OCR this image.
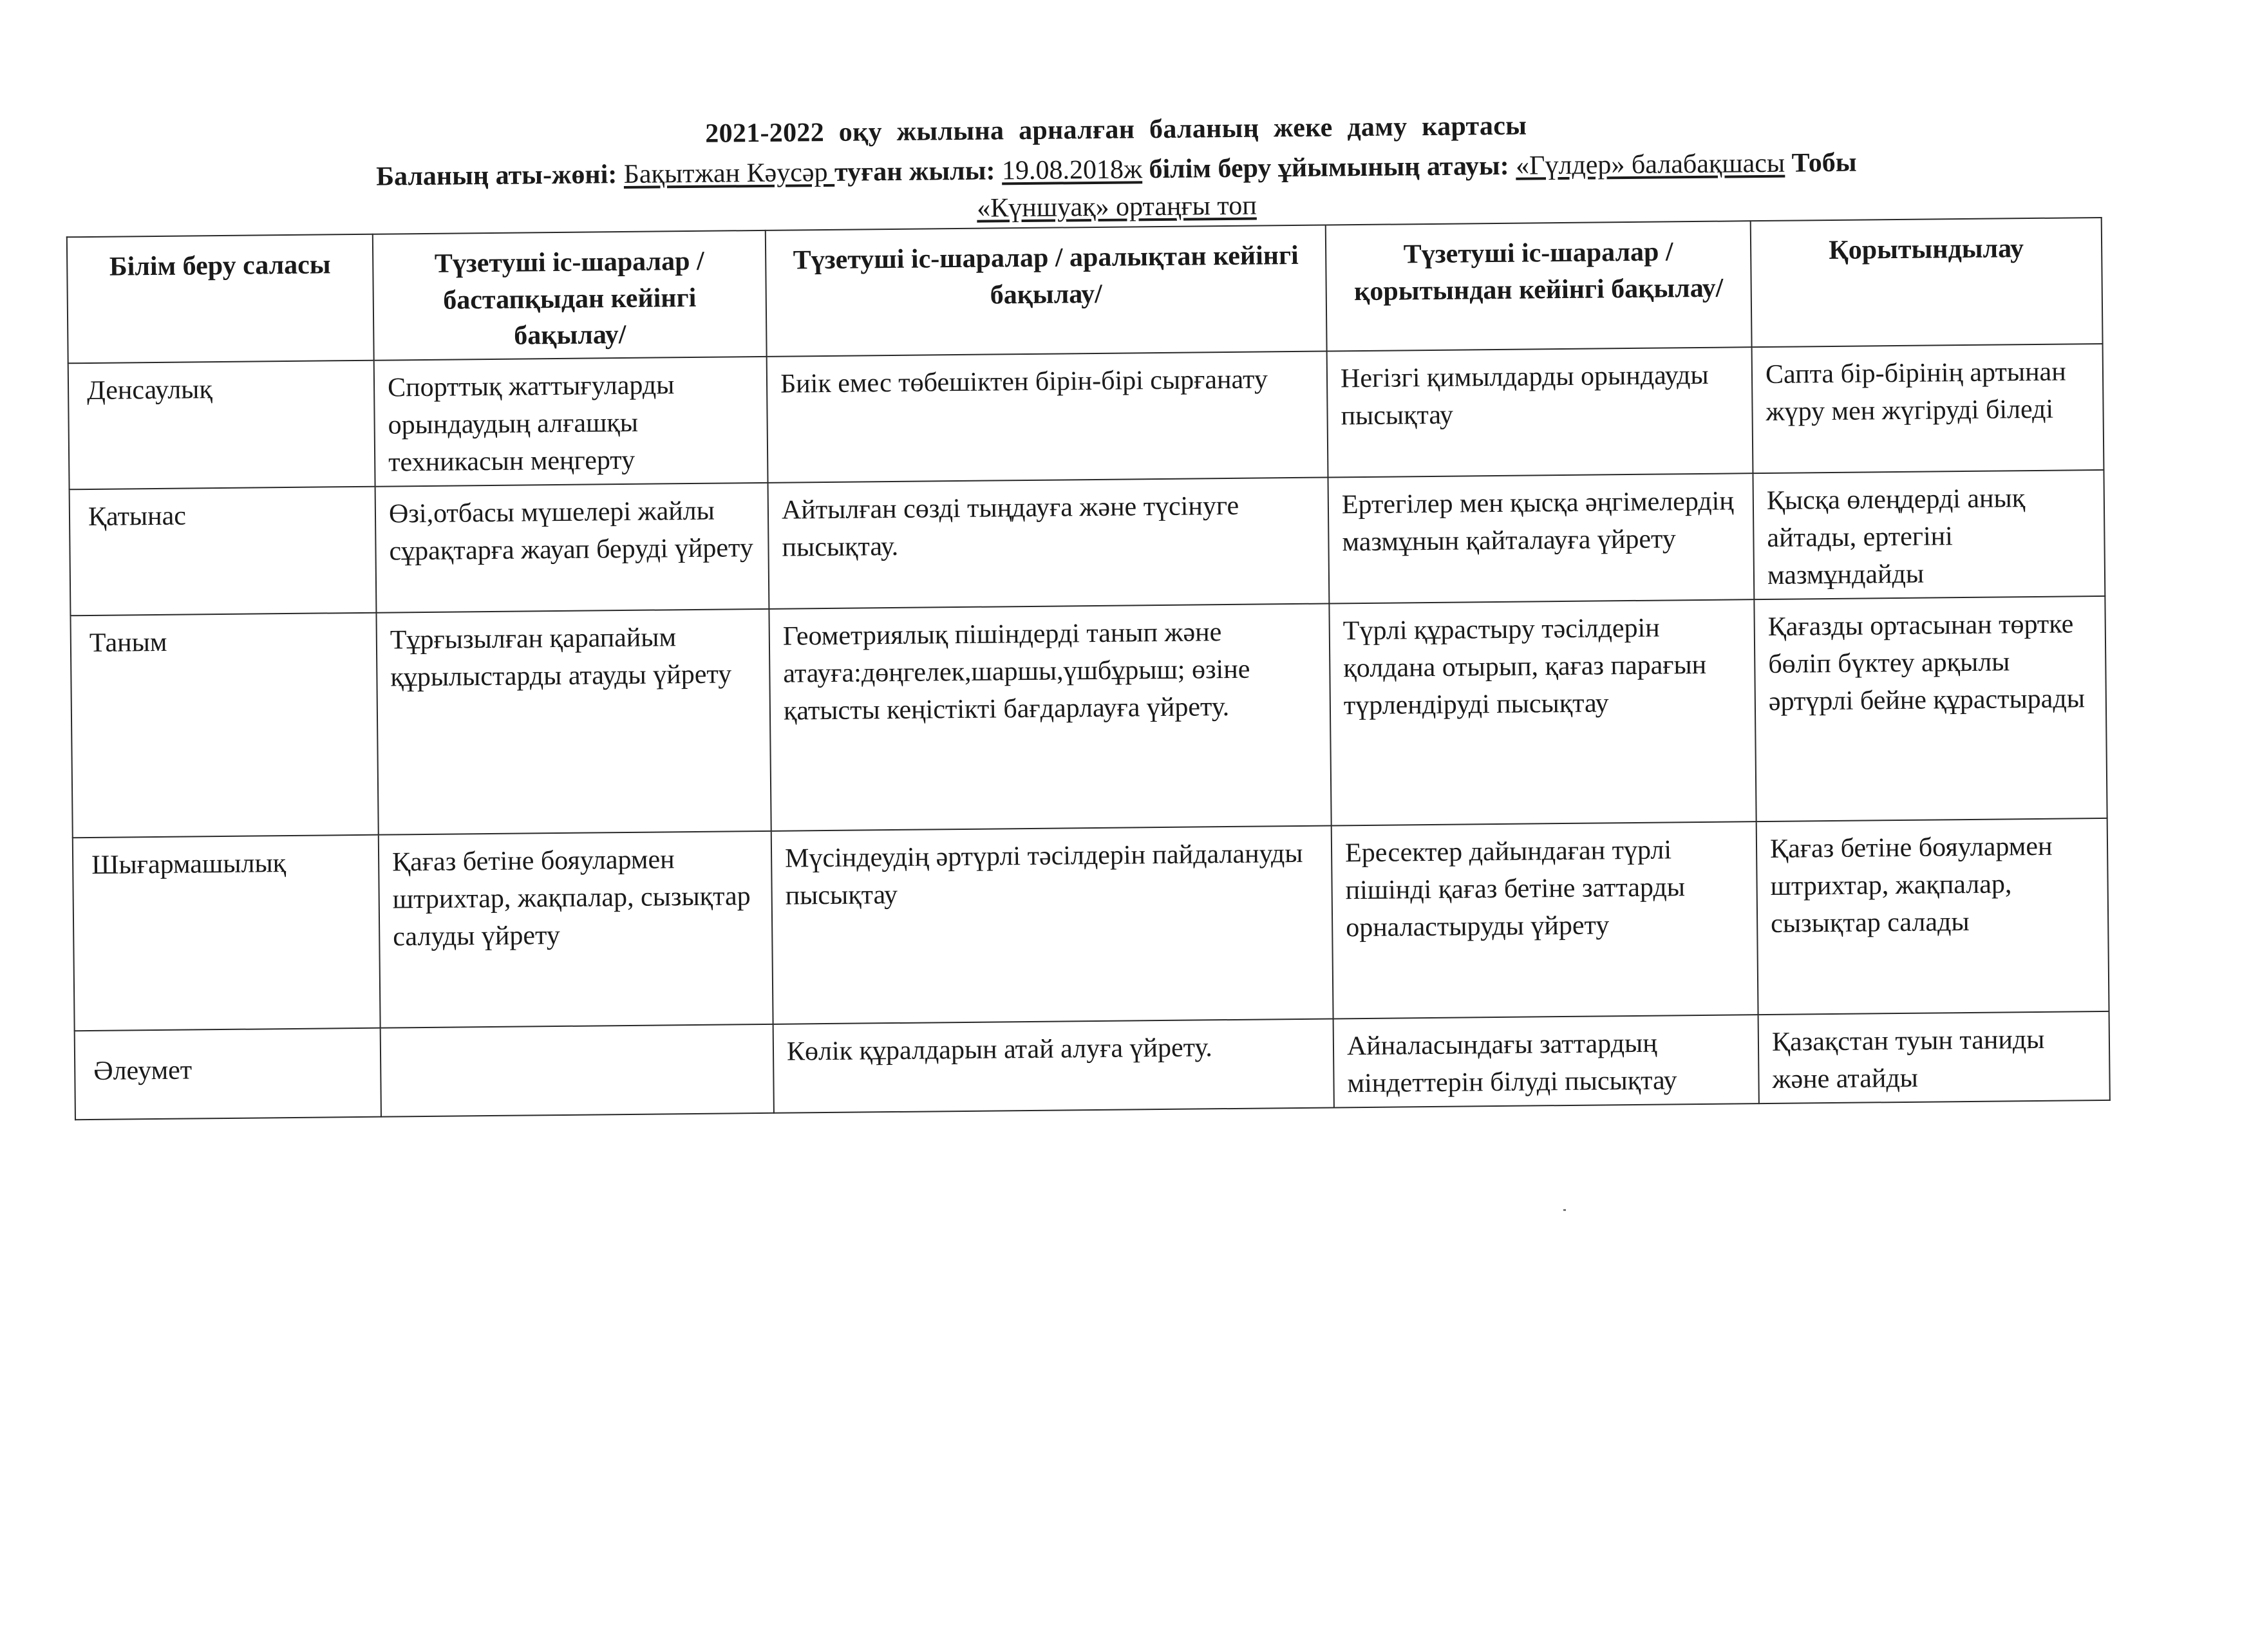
2021-2022 оқу жылына арналған баланың жеке даму картасы
Баланың аты-жөні: Бақытжан Кәусәр туған жылы: 19.08.2018ж білім беру ұйымының атауы: «Гүлдер» балабақшасы Тобы
«Күншуақ» ортаңғы топ
Білім беру саласы	Түзетуші іс-шаралар /бастапқыдан кейінгі бақылау/	Түзетуші іс-шаралар / аралықтан кейінгі бақылау/	Түзетуші іс-шаралар / қорытындан кейінгі бақылау/	Қорытындылау
Денсаулық	Спорттық жаттығуларды орындаудың алғашқы техникасын меңгерту	Биік емес төбешіктен бірін-бірі сырғанату	Негізгі қимылдарды орындауды пысықтау	Сапта бір-бірінің артынан жүру мен жүгіруді біледі
Қатынас	Өзі,отбасы мүшелері жайлы сұрақтарға жауап беруді үйрету	Айтылған сөзді тыңдауға және түсінуге пысықтау.	Ертегілер мен қысқа әңгімелердің мазмұнын қайталауға үйрету	Қысқа өлеңдерді анық айтады, ертегіні мазмұндайды
Таным	Тұрғызылған қарапайым құрылыстарды атауды үйрету	Геометриялық пішіндерді танып және атауға:дөңгелек,шаршы,үшбұрыш; өзіне қатысты кеңістікті бағдарлауға үйрету.	Түрлі құрастыру тәсілдерін қолдана отырып, қағаз парағын түрлендіруді пысықтау	Қағазды ортасынан төртке бөліп бүктеу арқылы әртүрлі бейне құрастырады
Шығармашылық	Қағаз бетіне бояулармен штрихтар, жақпалар, сызықтар салуды үйрету	Мүсіндеудің әртүрлі тәсілдерін пайдалануды пысықтау	Ересектер дайындаған түрлі пішінді қағаз бетіне заттарды орналастыруды үйрету	Қағаз бетіне бояулармен штрихтар, жақпалар, сызықтар салады
Әлеумет		Көлік құралдарын атай алуға үйрету.	Айналасындағы заттардың міндеттерін білуді пысықтау	Қазақстан туын таниды және атайды
